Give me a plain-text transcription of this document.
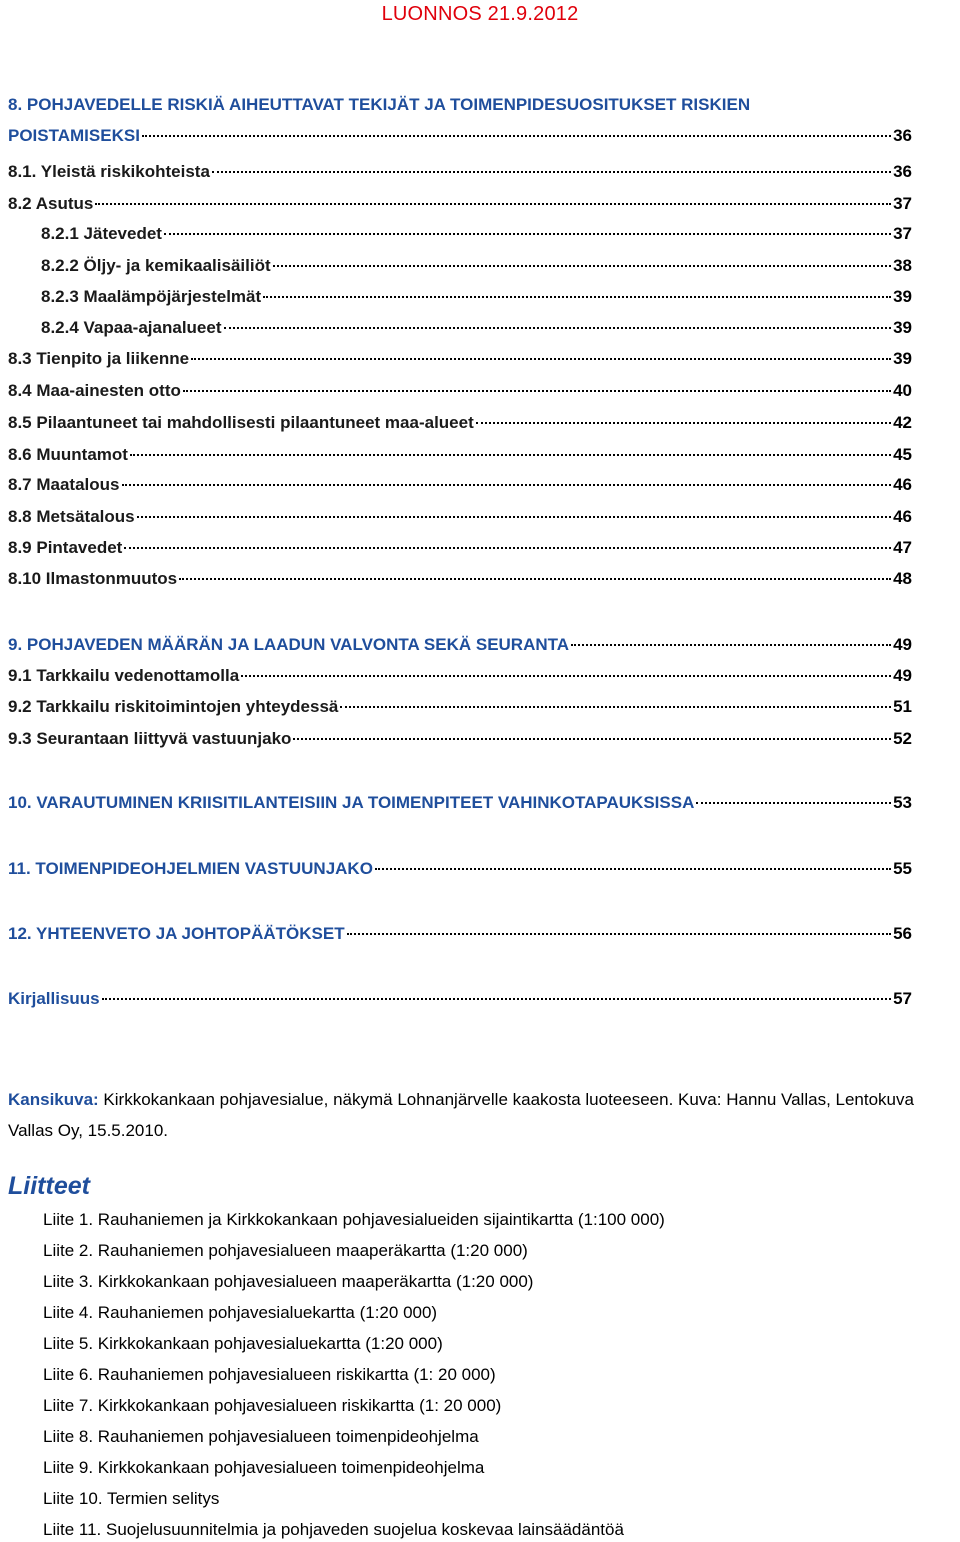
LUONNOS 21.9.2012
8. POHJAVEDELLE RISKIÄ AIHEUTTAVAT TEKIJÄT JA TOIMENPIDESUOSITUKSET RISKIEN
POISTAMISEKSI	36
8.1. Yleistä riskikohteista	36
8.2 Asutus	37
8.2.1 Jätevedet	37
8.2.2 Öljy- ja kemikaalisäiliöt	38
8.2.3 Maalämpöjärjestelmät	39
8.2.4 Vapaa-ajanalueet	39
8.3 Tienpito ja liikenne	39
8.4 Maa-ainesten otto	40
8.5 Pilaantuneet tai mahdollisesti pilaantuneet maa-alueet	42
8.6 Muuntamot	45
8.7 Maatalous	46
8.8 Metsätalous	46
8.9 Pintavedet	47
8.10 Ilmastonmuutos	48
9. POHJAVEDEN MÄÄRÄN JA LAADUN VALVONTA SEKÄ SEURANTA	49
9.1 Tarkkailu vedenottamolla	49
9.2 Tarkkailu riskitoimintojen yhteydessä	51
9.3 Seurantaan liittyvä vastuunjako	52
10. VARAUTUMINEN KRIISITILANTEISIIN JA TOIMENPITEET VAHINKOTAPAUKSISSA	53
11. TOIMENPIDEOHJELMIEN VASTUUNJAKO	55
12. YHTEENVETO JA JOHTOPÄÄTÖKSET	56
Kirjallisuus	57
Kansikuva: Kirkkokankaan pohjavesialue, näkymä Lohnanjärvelle kaakosta luoteeseen. Kuva: Hannu Vallas, Lentokuva Vallas Oy, 15.5.2010.
Liitteet
Liite 1. Rauhaniemen ja Kirkkokankaan pohjavesialueiden sijaintikartta (1:100 000)
Liite 2. Rauhaniemen pohjavesialueen maaperäkartta (1:20 000)
Liite 3. Kirkkokankaan pohjavesialueen maaperäkartta (1:20 000)
Liite 4. Rauhaniemen pohjavesialuekartta (1:20 000)
Liite 5. Kirkkokankaan pohjavesialuekartta (1:20 000)
Liite 6. Rauhaniemen pohjavesialueen riskikartta (1: 20 000)
Liite 7. Kirkkokankaan pohjavesialueen riskikartta (1: 20 000)
Liite 8. Rauhaniemen pohjavesialueen toimenpideohjelma
Liite 9. Kirkkokankaan pohjavesialueen toimenpideohjelma
Liite 10. Termien selitys
Liite 11. Suojelusuunnitelmia ja pohjaveden suojelua koskevaa lainsäädäntöä
